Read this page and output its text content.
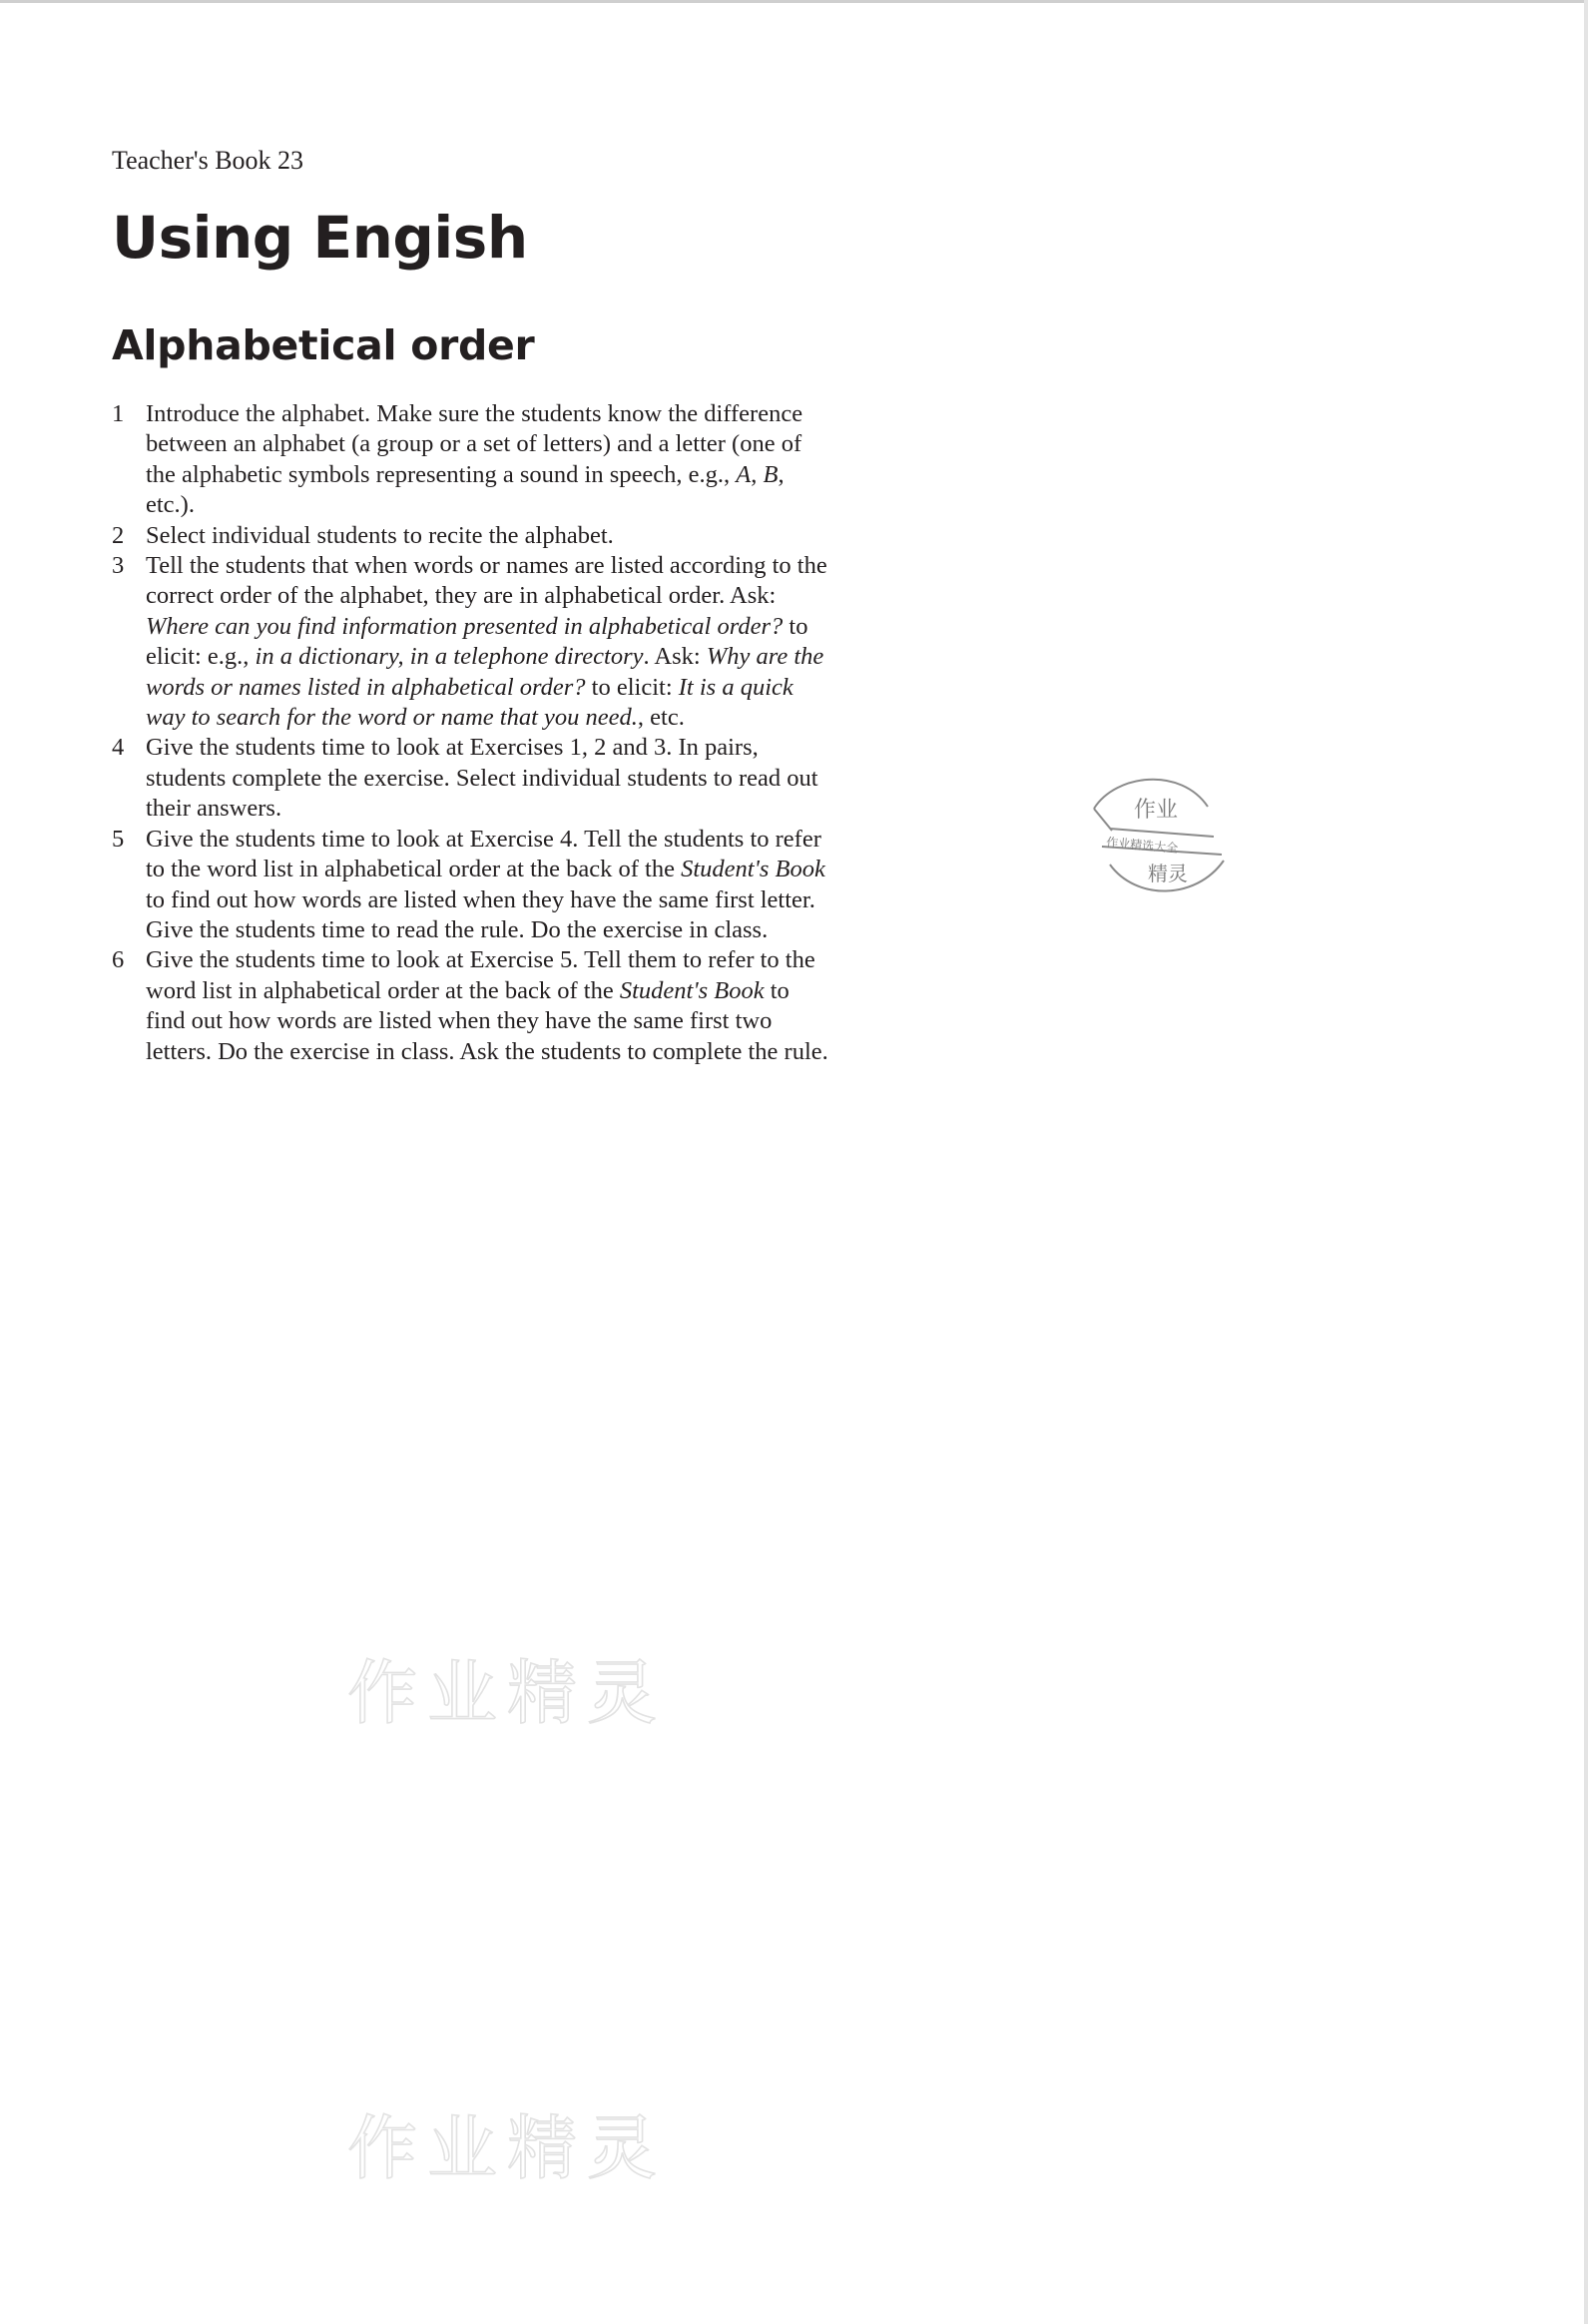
Teacher's Book 23
Using Engish
Alphabetical order
1 Introduce the alphabet. Make sure the students know the difference between an alphabet (a group or a set of letters) and a letter (one of the alphabetic symbols representing a sound in speech, e.g., A, B, etc.).
2 Select individual students to recite the alphabet.
3 Tell the students that when words or names are listed according to the correct order of the alphabet, they are in alphabetical order. Ask: Where can you find information presented in alphabetical order? to elicit: e.g., in a dictionary, in a telephone directory. Ask: Why are the words or names listed in alphabetical order? to elicit: It is a quick way to search for the word or name that you need., etc.
4 Give the students time to look at Exercises 1, 2 and 3. In pairs, students complete the exercise. Select individual students to read out their answers.
5 Give the students time to look at Exercise 4. Tell the students to refer to the word list in alphabetical order at the back of the Student's Book to find out how words are listed when they have the same first letter. Give the students time to read the rule. Do the exercise in class.
6 Give the students time to look at Exercise 5. Tell them to refer to the word list in alphabetical order at the back of the Student's Book to find out how words are listed when they have the same first two letters. Do the exercise in class. Ask the students to complete the rule.
作业
作业精选大全
精灵
作业精灵
作业精灵
